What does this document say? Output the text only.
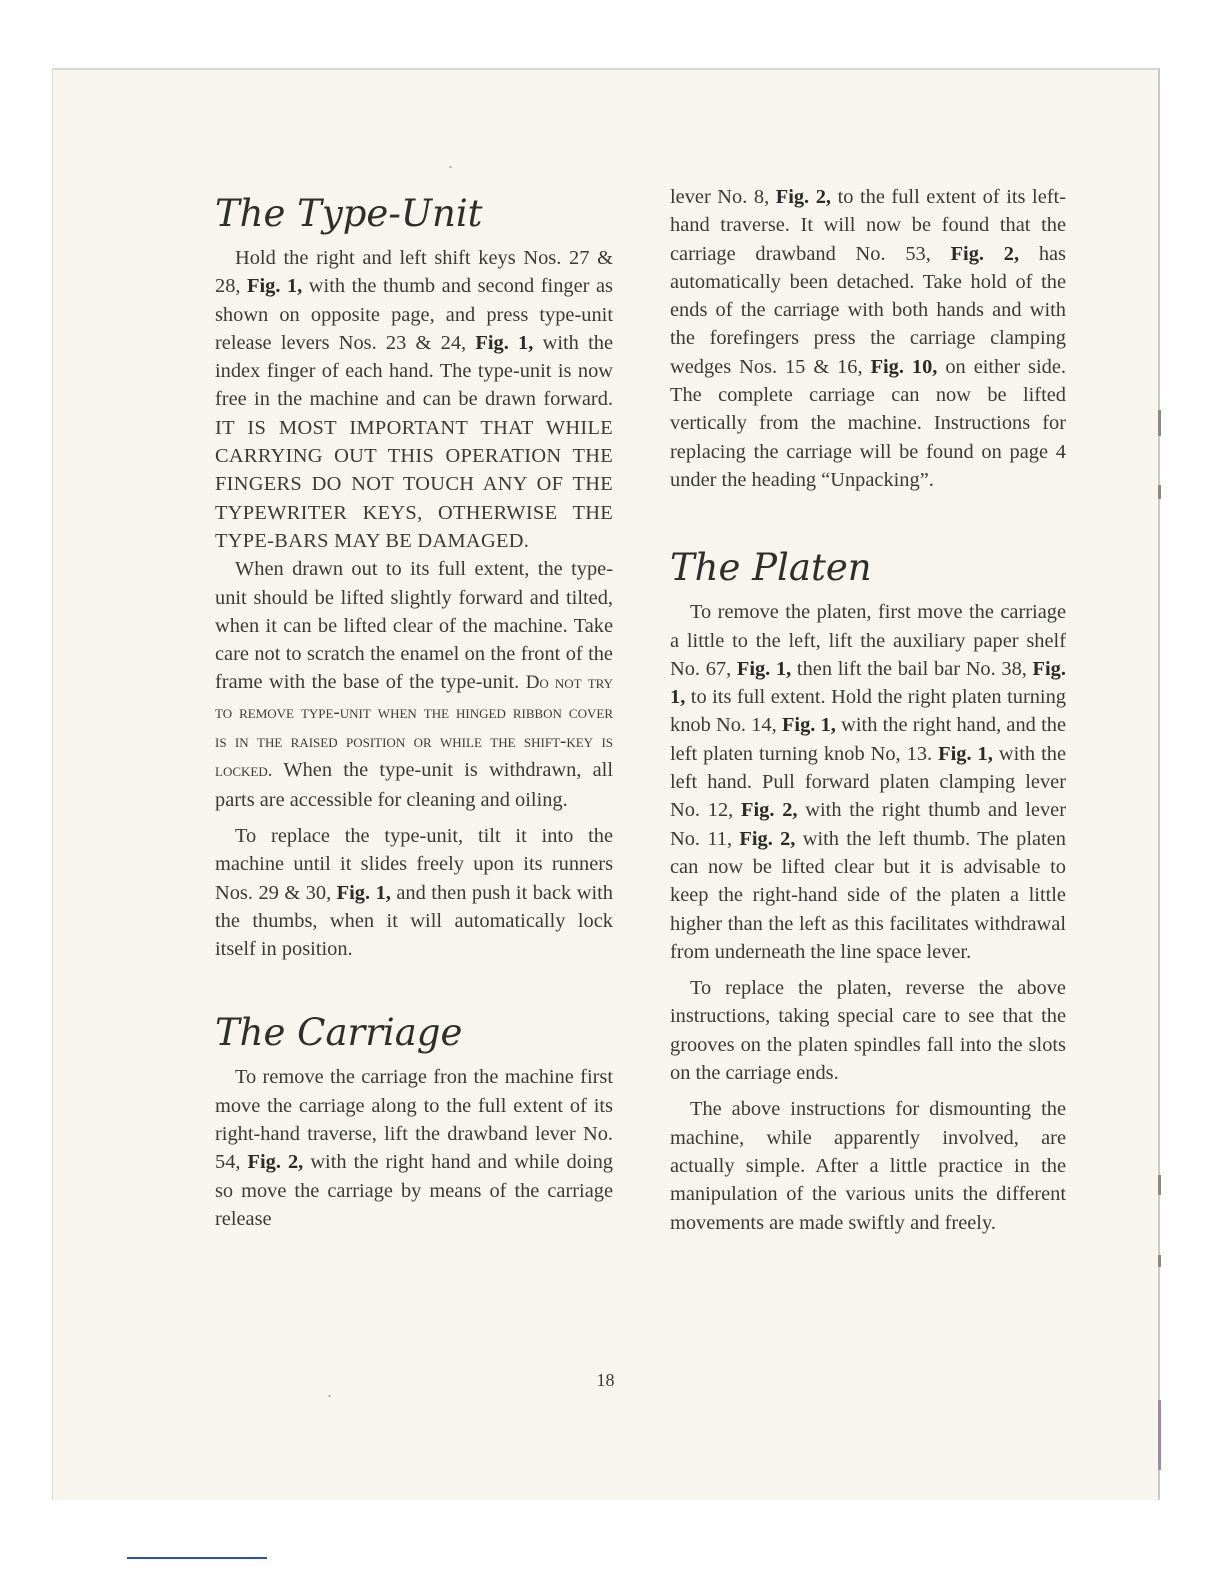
The Type-Unit

Hold the right and left shift keys Nos. 27 & 28, Fig. 1, with the thumb and second finger as shown on opposite page, and press type-unit release levers Nos. 23 & 24, Fig. 1, with the index finger of each hand. The type-unit is now free in the machine and can be drawn forward. IT IS MOST IMPORTANT THAT WHILE CARRYING OUT THIS OPERATION THE FINGERS DO NOT TOUCH ANY OF THE TYPEWRITER KEYS, OTHERWISE THE TYPE-BARS MAY BE DAMAGED.

When drawn out to its full extent, the type-unit should be lifted slightly forward and tilted, when it can be lifted clear of the machine. Take care not to scratch the enamel on the front of the frame with the base of the type-unit. Do not try to remove type-unit when the hinged ribbon cover is in the raised position or while the shift-key is locked. When the type-unit is withdrawn, all parts are accessible for cleaning and oiling.

To replace the type-unit, tilt it into the machine until it slides freely upon its runners Nos. 29 & 30, Fig. 1, and then push it back with the thumbs, when it will automatically lock itself in position.

The Carriage

To remove the carriage fron the machine first move the carriage along to the full extent of its right-hand traverse, lift the drawband lever No. 54, Fig. 2, with the right hand and while doing so move the carriage by means of the carriage release

lever No. 8, Fig. 2, to the full extent of its left-hand traverse. It will now be found that the carriage drawband No. 53, Fig. 2, has automatically been detached. Take hold of the ends of the carriage with both hands and with the forefingers press the carriage clamping wedges Nos. 15 & 16, Fig. 10, on either side. The complete carriage can now be lifted vertically from the machine. Instructions for replacing the carriage will be found on page 4 under the heading “Unpacking”.

The Platen

To remove the platen, first move the carriage a little to the left, lift the auxiliary paper shelf No. 67, Fig. 1, then lift the bail bar No. 38, Fig. 1, to its full extent. Hold the right platen turning knob No. 14, Fig. 1, with the right hand, and the left platen turning knob No, 13. Fig. 1, with the left hand. Pull forward platen clamping lever No. 12, Fig. 2, with the right thumb and lever No. 11, Fig. 2, with the left thumb. The platen can now be lifted clear but it is advisable to keep the right-hand side of the platen a little higher than the left as this facilitates withdrawal from underneath the line space lever.

To replace the platen, reverse the above instructions, taking special care to see that the grooves on the platen spindles fall into the slots on the carriage ends.

The above instructions for dismounting the machine, while apparently involved, are actually simple. After a little practice in the manipulation of the various units the different movements are made swiftly and freely.

18
